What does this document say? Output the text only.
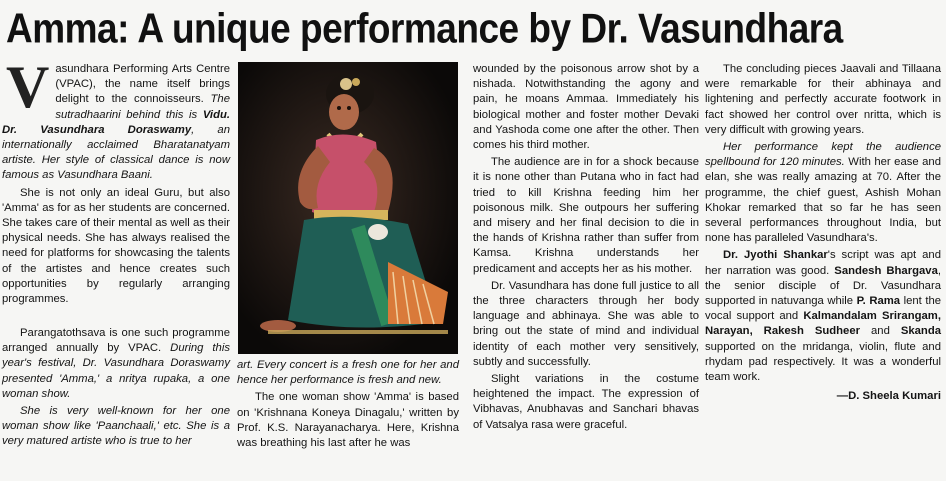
Amma: A unique performance by Dr. Vasundhara

Vasundhara Performing Arts Centre (VPAC), the name itself brings delight to the connoisseurs. The sutradhaarini behind this is Vidu. Dr. Vasundhara Doraswamy, an internationally acclaimed Bharatanatyam artiste. Her style of classical dance is now famous as Vasundhara Baani.

She is not only an ideal Guru, but also 'Amma' as for as her students are concerned. She takes care of their mental as well as their physical needs. She has always realised the need for platforms for showcasing the talents of the artistes and hence creates such opportunities by regularly arranging programmes.

Parangatothsava is one such programme arranged annually by VPAC. During this year's festival, Dr. Vasundhara Doraswamy presented 'Amma,' a nritya rupaka, a one woman show.

She is very well-known for her one woman show like 'Paanchaali,' etc. She is a very matured artiste who is true to her

art. Every concert is a fresh one for her and hence her performance is fresh and new.

The one woman show 'Amma' is based on 'Krishnana Koneya Dinagalu,' written by Prof. K.S. Narayanacharya. Here, Krishna was breathing his last after he was

wounded by the poisonous arrow shot by a nishada. Notwithstanding the agony and pain, he moans Ammaa. Immediately his biological mother and foster mother Devaki and Yashoda come one after the other. Then comes his third mother.

The audience are in for a shock because it is none other than Putana who in fact had tried to kill Krishna feeding him her poisonous milk. She outpours her suffering and misery and her final decision to die in the hands of Krishna rather than suffer from Kamsa. Krishna understands her predicament and accepts her as his mother.

Dr. Vasundhara has done full justice to all the three characters through her body language and abhinaya. She was able to bring out the state of mind and individual identity of each mother very sensitively, subtly and successfully.

Slight variations in the costume heightened the impact. The expression of Vibhavas, Anubhavas and Sanchari bhavas of Vatsalya rasa were graceful.

The concluding pieces Jaavali and Tillaana were remarkable for their abhinaya and lightening and perfectly accurate footwork in fact showed her control over nritta, which is very difficult with growing years.

Her performance kept the audience spellbound for 120 minutes. With her ease and elan, she was really amazing at 70. After the programme, the chief guest, Ashish Mohan Khokar remarked that so far he has seen several performances throughout India, but none has paralleled Vasundhara's.

Dr. Jyothi Shankar's script was apt and her narration was good. Sandesh Bhargava, the senior disciple of Dr. Vasundhara supported in natuvanga while P. Rama lent the vocal support and Kalmandalam Srirangam, Narayan, Rakesh Sudheer and Skanda supported on the mridanga, violin, flute and rhydam pad respectively. It was a wonderful team work.

—D. Sheela Kumari
